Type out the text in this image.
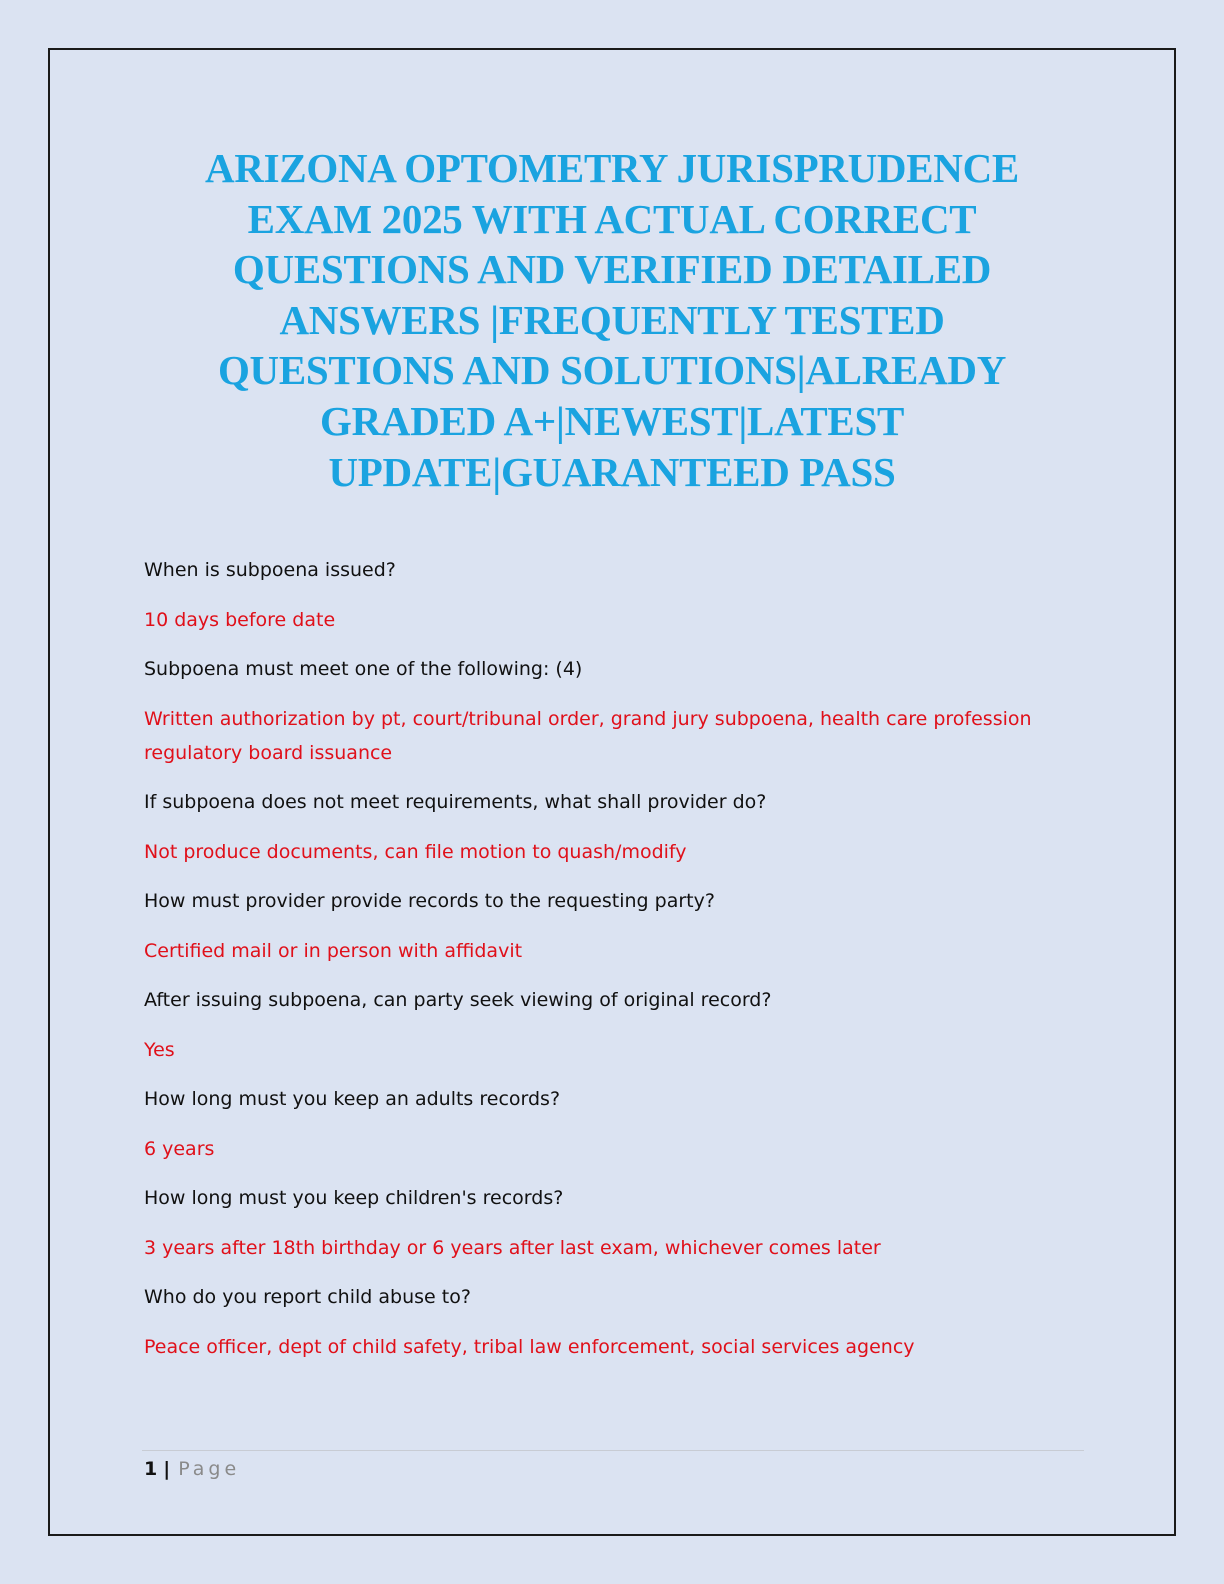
ARIZONA OPTOMETRY JURISPRUDENCE
EXAM 2025 WITH ACTUAL CORRECT
QUESTIONS AND VERIFIED DETAILED
ANSWERS |FREQUENTLY TESTED
QUESTIONS AND SOLUTIONS|ALREADY
GRADED A+|NEWEST|LATEST
UPDATE|GUARANTEED PASS

When is subpoena issued?

10 days before date

Subpoena must meet one of the following: (4)

Written authorization by pt, court/tribunal order, grand jury subpoena, health care profession regulatory board issuance

If subpoena does not meet requirements, what shall provider do?

Not produce documents, can file motion to quash/modify

How must provider provide records to the requesting party?

Certified mail or in person with affidavit

After issuing subpoena, can party seek viewing of original record?

Yes

How long must you keep an adults records?

6 years

How long must you keep children's records?

3 years after 18th birthday or 6 years after last exam, whichever comes later

Who do you report child abuse to?

Peace officer, dept of child safety, tribal law enforcement, social services agency

1 | Page
